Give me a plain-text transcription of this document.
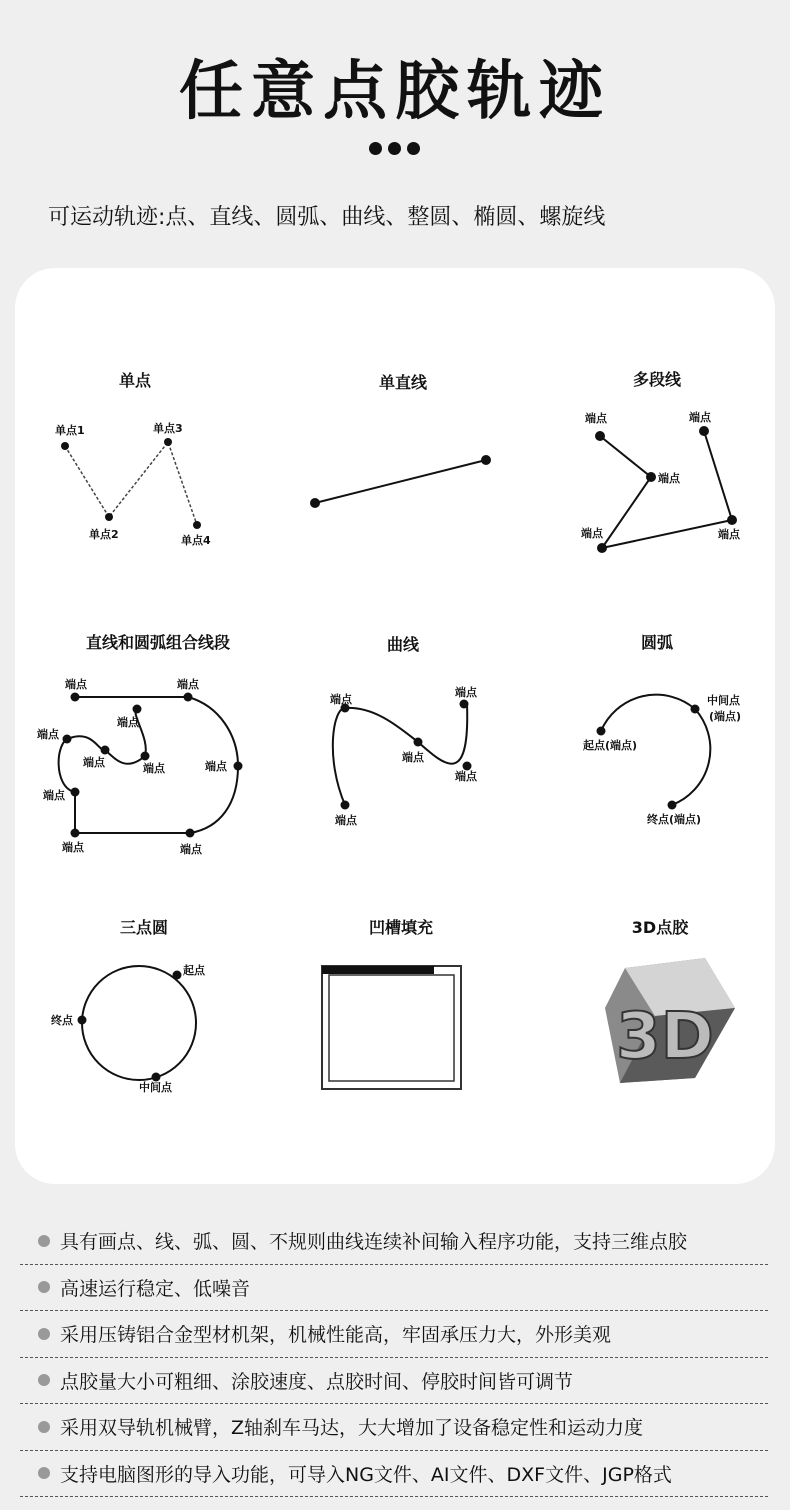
任意点胶轨迹
可运动轨迹:点、直线、圆弧、曲线、整圆、椭圆、螺旋线
单点
单点1
单点2
单点3
单点4
单直线	多段线
端点
端点
端点	端点
端点
直线和圆弧组合线段
端点	端点
端点
端点
端点	端点	端点
端点
端点	端点
曲线
端点
端点
端点
端点
端点
圆弧
起点(端点)
中间点
(端点)
终点(端点)
三点圆
起点
终点
中间点
凹槽填充	3D点胶
3D
具有画点、线、弧、圆、不规则曲线连续补间输入程序功能，支持三维点胶
高速运行稳定、低噪音
采用压铸铝合金型材机架，机械性能高，牢固承压力大，外形美观
点胶量大小可粗细、涂胶速度、点胶时间、停胶时间皆可调节
采用双导轨机械臂，Z轴刹车马达，大大增加了设备稳定性和运动力度
支持电脑图形的导入功能，可导入NG文件、AI文件、DXF文件、JGP格式
